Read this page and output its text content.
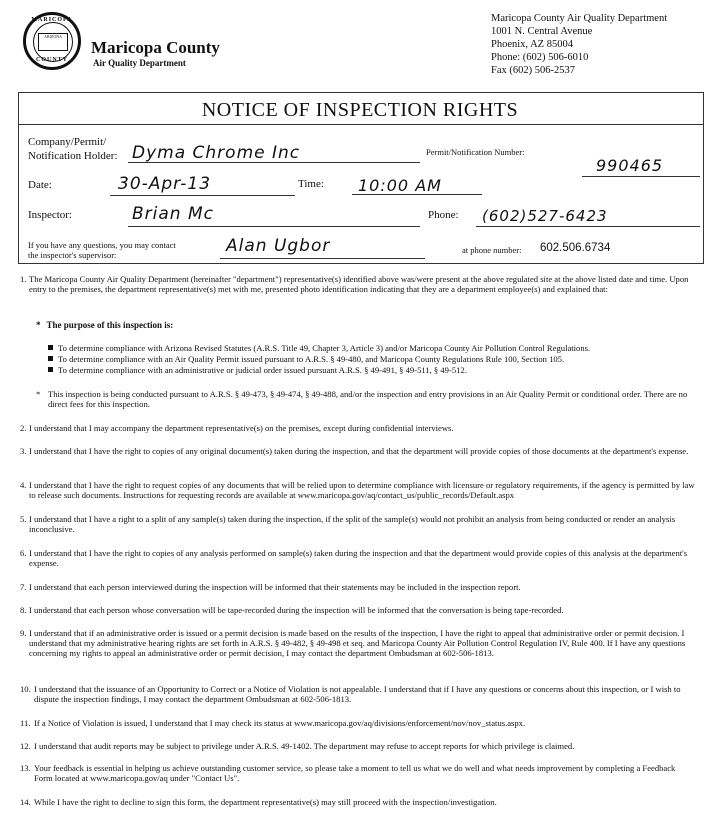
MARICOPA
ARIZONA
COUNTY
Maricopa County
Air Quality Department
Maricopa County Air Quality Department
1001 N. Central Avenue
Phoenix, AZ 85004
Phone: (602) 506-6010
Fax (602) 506-2537
NOTICE OF INSPECTION RIGHTS
Company/Permit/
Notification Holder: Dyma Chrome Inc	Permit/Notification Number:
990465
Date:	30-Apr-13	Time: 10:00 AM
Inspector:	Brian Mc	Phone: (602)527-6423
If you have any questions, you may contact
the inspector's supervisor:	Alan Ugbor	at phone number: 602.506.6734
1. The Maricopa County Air Quality Department (hereinafter "department") representative(s) identified above was/were present at the above regulated site at the above listed date and time. Upon entry to the premises, the department representative(s) met with me, presented photo identification indicating that they are a department employee(s) and explained that:
* The purpose of this inspection is:
To determine compliance with Arizona Revised Statutes (A.R.S. Title 49, Chapter 3, Article 3) and/or Maricopa County Air Pollution Control Regulations.
To determine compliance with an Air Quality Permit issued pursuant to A.R.S. § 49-480, and Maricopa County Regulations Rule 100, Section 105.
To determine compliance with an administrative or judicial order issued pursuant A.R.S. § 49-491, § 49-511, § 49-512.
* This inspection is being conducted pursuant to A.R.S. § 49-473, § 49-474, § 49-488, and/or the inspection and entry provisions in an Air Quality Permit or conditional order. There are no direct fees for this inspection.
2. I understand that I may accompany the department representative(s) on the premises, except during confidential interviews.
3. I understand that I have the right to copies of any original document(s) taken during the inspection, and that the department will provide copies of those documents at the department's expense.
4. I understand that I have the right to request copies of any documents that will be relied upon to determine compliance with licensure or regulatory requirements, if the agency is permitted by law to release such documents. Instructions for requesting records are available at www.maricopa.gov/aq/contact_us/public_records/Default.aspx
5. I understand that I have a right to a split of any sample(s) taken during the inspection, if the split of the sample(s) would not prohibit an analysis from being conducted or render an analysis inconclusive.
6. I understand that I have the right to copies of any analysis performed on sample(s) taken during the inspection and that the department would provide copies of this analysis at the department's expense.
7. I understand that each person interviewed during the inspection will be informed that their statements may be included in the inspection report.
8. I understand that each person whose conversation will be tape-recorded during the inspection will be informed that the conversation is being tape-recorded.
9. I understand that if an administrative order is issued or a permit decision is made based on the results of the inspection, I have the right to appeal that administrative order or permit decision. I understand that my administrative hearing rights are set forth in A.R.S. § 49-482, § 49-498 et seq. and Maricopa County Air Pollution Control Regulation IV, Rule 400. If I have any questions concerning my rights to appeal an administrative order or permit decision, I may contact the department Ombudsman at 602-506-1813.
10. I understand that the issuance of an Opportunity to Correct or a Notice of Violation is not appealable. I understand that if I have any questions or concerns about this inspection, or I wish to dispute the inspection findings, I may contact the department Ombudsman at 602-506-1813.
11. If a Notice of Violation is issued, I understand that I may check its status at www.maricopa.gov/aq/divisions/enforcement/nov/nov_status.aspx.
12. I understand that audit reports may be subject to privilege under A.R.S. 49-1402. The department may refuse to accept reports for which privilege is claimed.
13. Your feedback is essential in helping us achieve outstanding customer service, so please take a moment to tell us what we do well and what needs improvement by completing a Feedback Form located at www.maricopa.gov/aq under "Contact Us".
14. While I have the right to decline to sign this form, the department representative(s) may still proceed with the inspection/investigation.
